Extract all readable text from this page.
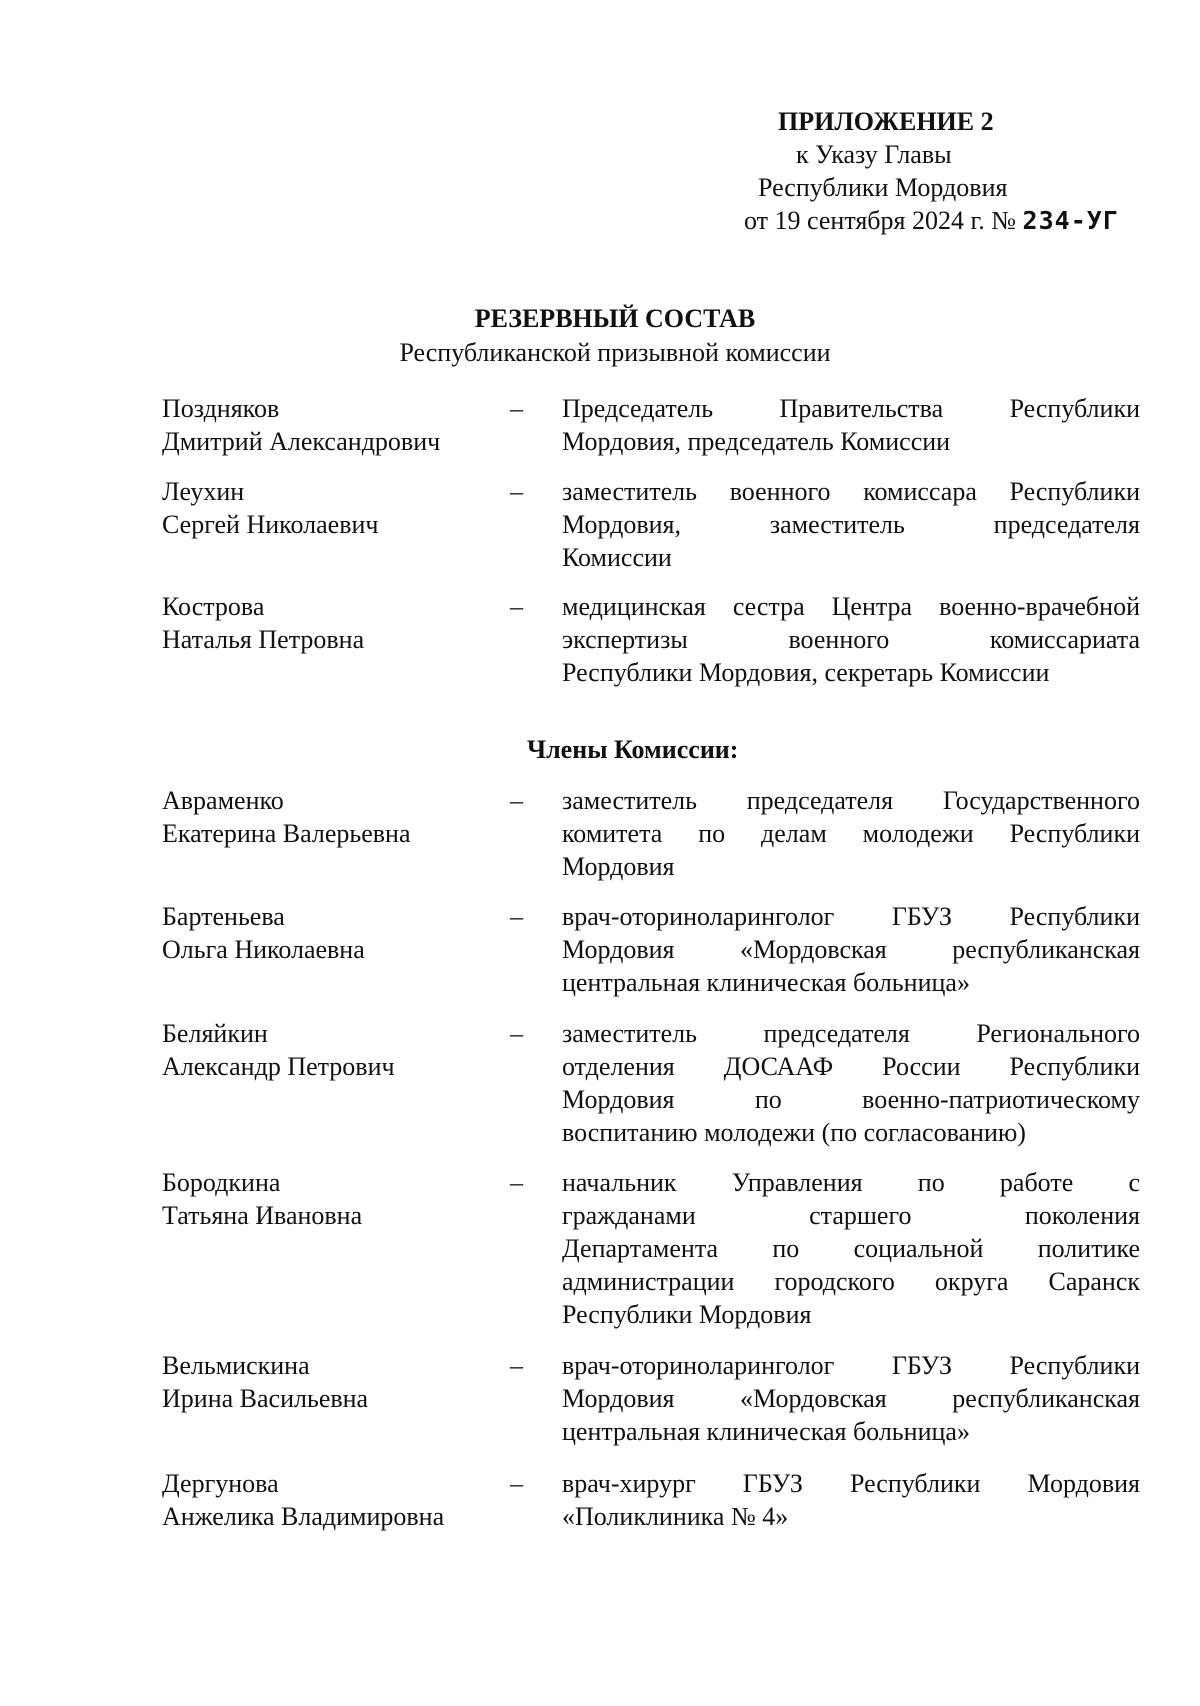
ПРИЛОЖЕНИЕ 2
к Указу Главы
Республики Мордовия
от 19 сентября 2024 г. № 234-УГ
РЕЗЕРВНЫЙ СОСТАВ
Республиканской призывной комиссии
Поздняков
Дмитрий Александрович
– Председатель Правительства Республики
Мордовия, председатель Комиссии
Леухин
Сергей Николаевич
– заместитель военного комиссара Республики
Мордовия, заместитель председателя
Комиссии
Кострова
Наталья Петровна
– медицинская сестра Центра военно-врачебной
экспертизы военного комиссариата
Республики Мордовия, секретарь Комиссии
Члены Комиссии:
Авраменко
Екатерина Валерьевна
– заместитель председателя Государственного
комитета по делам молодежи Республики
Мордовия
Бартеньева
Ольга Николаевна
– врач-оториноларинголог ГБУЗ Республики
Мордовия «Мордовская республиканская
центральная клиническая больница»
Беляйкин
Александр Петрович
– заместитель председателя Регионального
отделения ДОСААФ России Республики
Мордовия по военно-патриотическому
воспитанию молодежи (по согласованию)
Бородкина
Татьяна Ивановна
– начальник Управления по работе с
гражданами старшего поколения
Департамента по социальной политике
администрации городского округа Саранск
Республики Мордовия
Вельмискина
Ирина Васильевна
– врач-оториноларинголог ГБУЗ Республики
Мордовия «Мордовская республиканская
центральная клиническая больница»
Дергунова
Анжелика Владимировна
– врач-хирург ГБУЗ Республики Мордовия
«Поликлиника № 4»
